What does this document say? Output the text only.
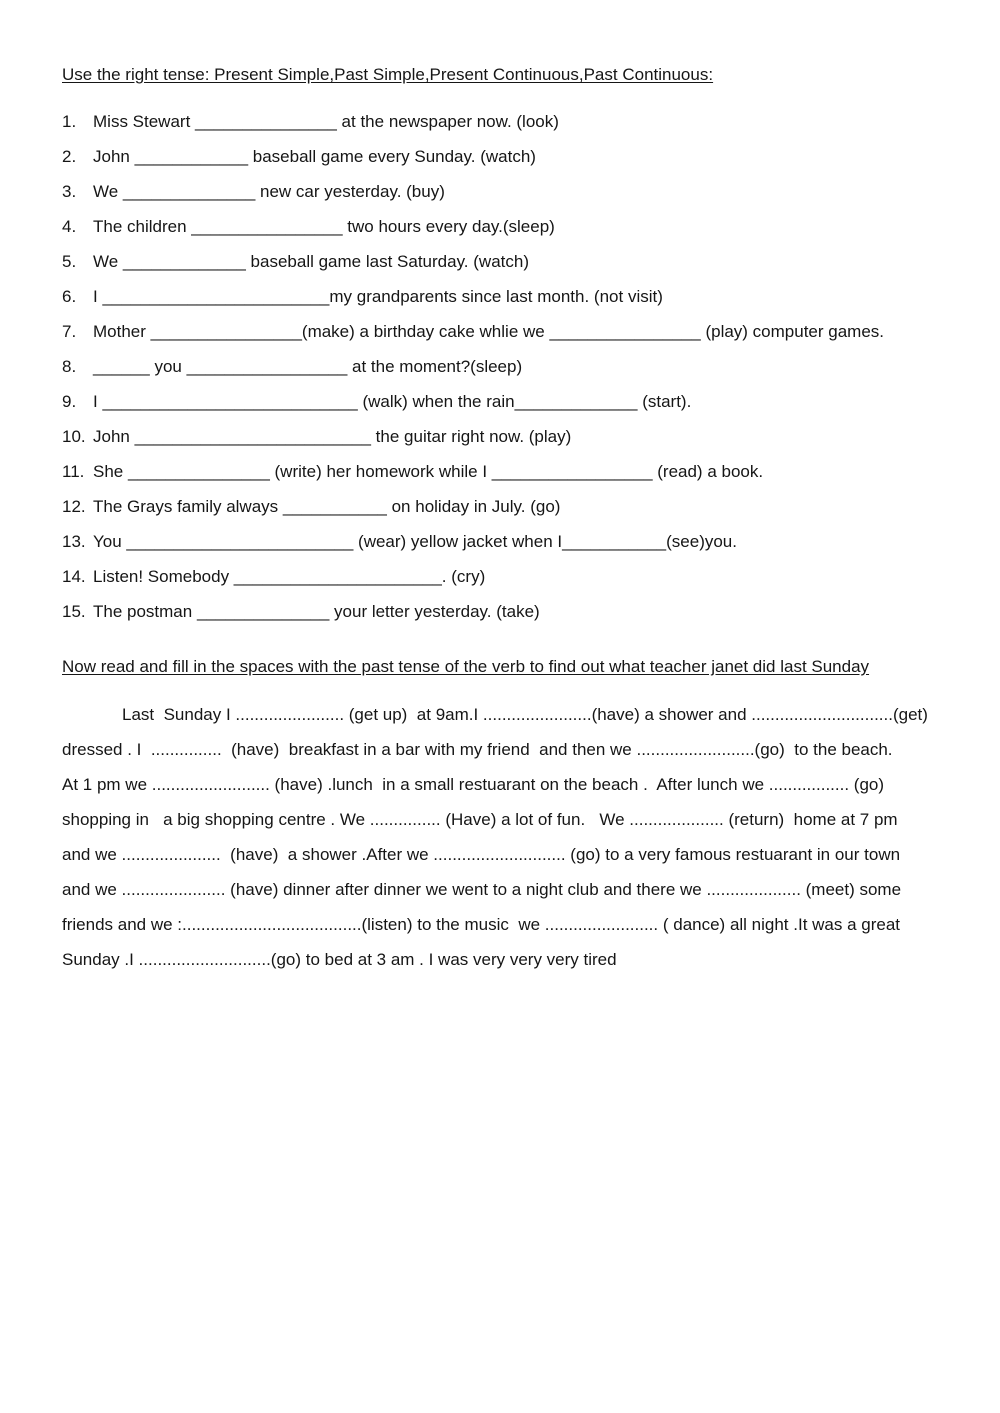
Use the right tense: Present Simple,Past Simple,Present Continuous,Past Continuous:
1. Miss Stewart _______________ at the newspaper now. (look)
2. John ____________ baseball game every Sunday. (watch)
3. We ______________ new car yesterday. (buy)
4. The children ________________ two hours every day.(sleep)
5. We _____________ baseball game last Saturday. (watch)
6. I ________________________my grandparents since last month. (not visit)
7. Mother ________________(make) a birthday cake whlie we ________________ (play) computer games.
8. ______ you _________________ at the moment?(sleep)
9. I ___________________________ (walk) when the rain_____________ (start).
10. John _________________________ the guitar right now. (play)
11. She _______________ (write) her homework while I _________________ (read) a book.
12. The Grays family always ___________ on holiday in July. (go)
13. You ________________________ (wear) yellow jacket when I___________(see)you.
14. Listen! Somebody ______________________. (cry)
15. The postman ______________ your letter yesterday. (take)
Now read and fill in the spaces with the past tense of the verb to find out what teacher janet did last Sunday
Last  Sunday I ....................... (get up)  at 9am.I .......................(have) a shower and ..............................(get)
dressed . I  ...............  (have)  breakfast in a bar with my friend  and then we .........................(go)  to the beach.
At 1 pm we ......................... (have) .lunch  in a small restuarant on the beach .  After lunch we ................. (go)
shopping in   a big shopping centre . We ............... (Have) a lot of fun.   We .................... (return)  home at 7 pm
and we .....................  (have)  a shower .After we ............................ (go) to a very famous restuarant in our town
and we ...................... (have) dinner after dinner we went to a night club and there we .................... (meet) some
friends and we :......................................(listen) to the music  we ........................ ( dance) all night .It was a great
Sunday .I ............................(go) to bed at 3 am . I was very very very tired
